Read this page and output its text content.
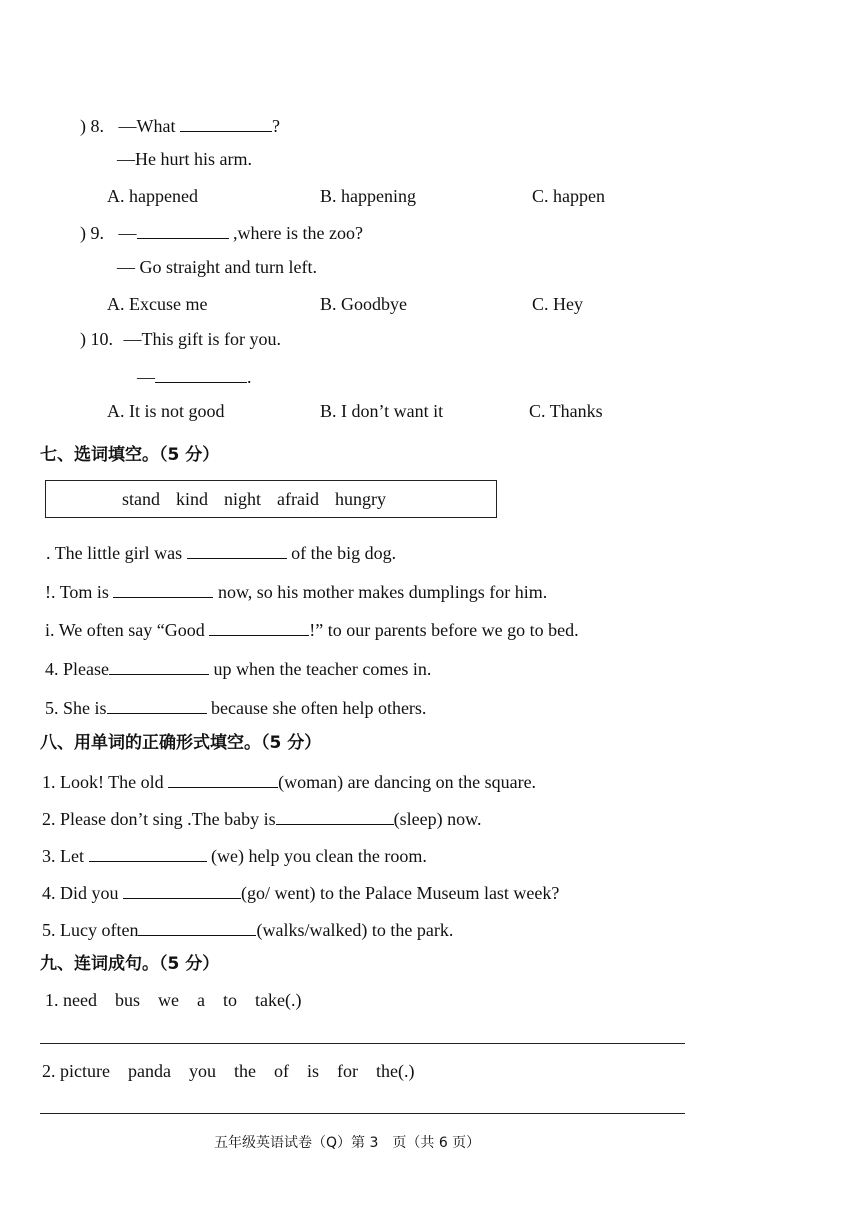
) 8. —What	?
—He hurt his arm.
A. happened	B. happening	C. happen
) 9. —	,where is the zoo?
— Go straight and turn left.
A. Excuse me	B. Goodbye	C. Hey
) 10. —This gift is for you.
—	.
A. It is not good	B. I don’t want it	C. Thanks
七、选词填空。（5 分）
stand kind night afraid hungry
. The little girl was	of the big dog.
!. Tom is	now, so his mother makes dumplings for him.
i. We often say “Good	!” to our parents before we go to bed.
4. Please	up when the teacher comes in.
5. She is	because she often help others.
八、用单词的正确形式填空。（5 分）
1. Look! The old	(woman) are dancing on the square.
2. Please don’t sing .The baby is	(sleep) now.
3. Let	(we) help you clean the room.
4. Did you	(go/ went) to the Palace Museum last week?
5. Lucy often	(walks/walked) to the park.
九、连词成句。（5 分）
1. need bus we a to take(.)
2. picture panda you the of is for the(.)
五年级英语试卷（Q）第 3　页（共 6 页）
